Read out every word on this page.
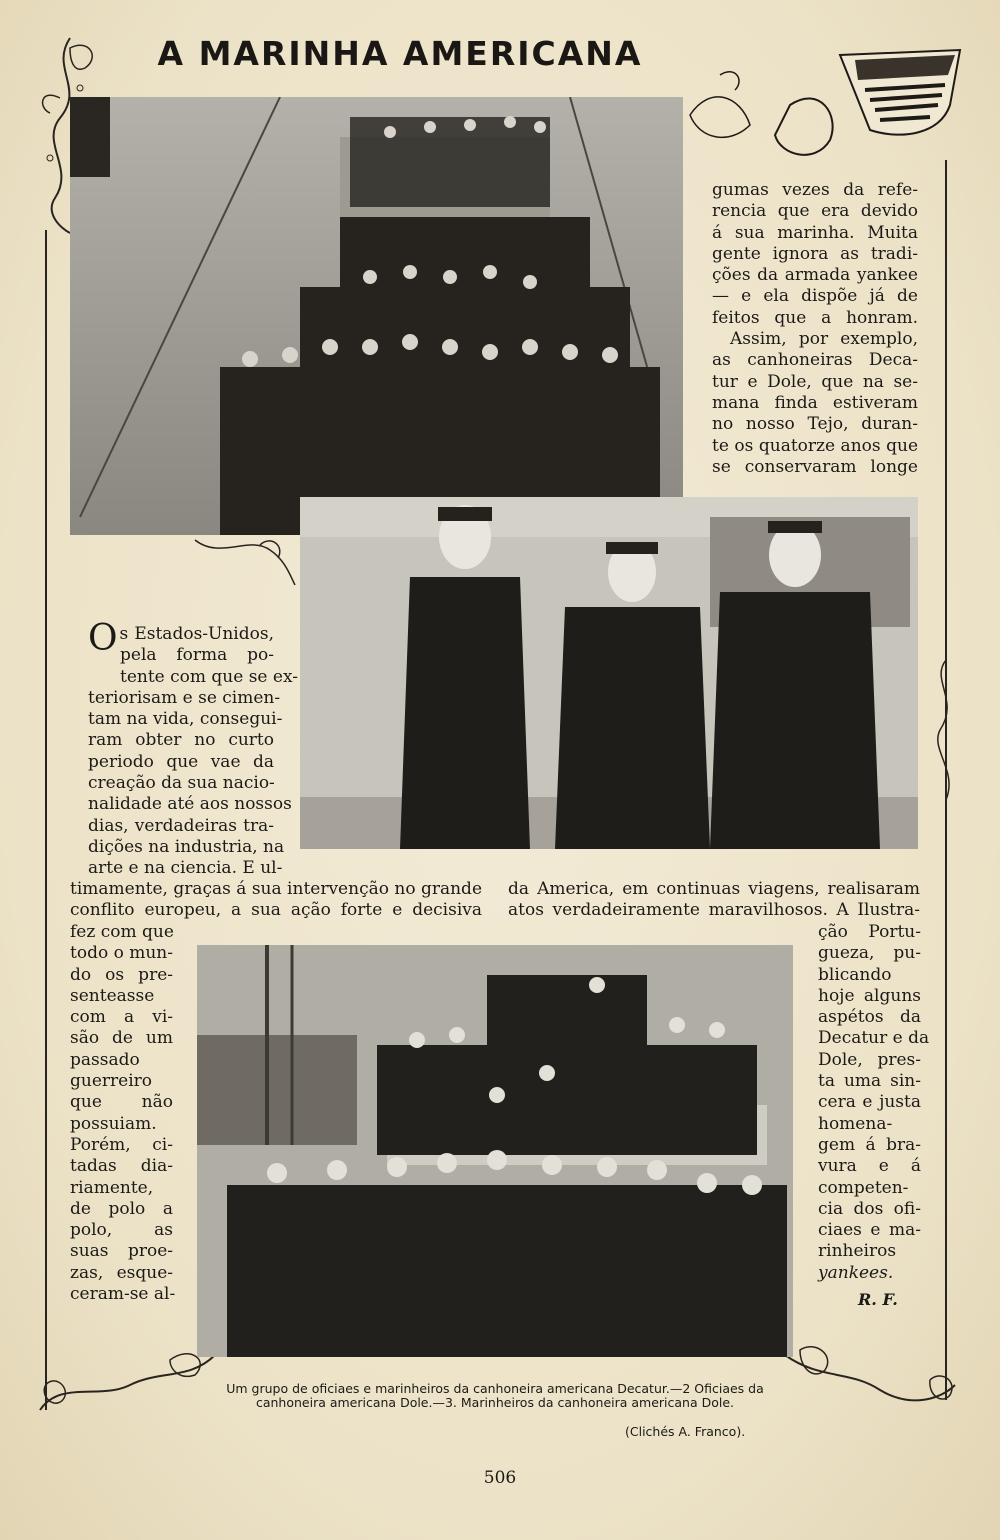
A MARINHA AMERICANA
gumas vezes da refe-
rencia que era devido
á sua marinha. Muita
gente ignora as tradi-
ções da armada yankee
— e ela dispõe já de
feitos que a honram.
Assim, por exemplo,
as canhoneiras Deca-
tur e Dole, que na se-
mana finda estiveram
no nosso Tejo, duran-
te os quatorze anos que
se conservaram longe
O s Estados-Unidos,
pela forma po-
tente com que se ex-
teriorisam e se cimen-
tam na vida, consegui-
ram obter no curto
periodo que vae da
creação da sua nacio-
nalidade até aos nossos
dias, verdadeiras tra-
dições na industria, na
arte e na ciencia. E ul-
timamente, graças á sua intervenção no grande
conflito europeu, a sua ação forte e decisiva
da America, em continuas viagens, realisaram
atos verdadeiramente maravilhosos. A Ilustra-
fez com que
todo o mun-
do os pre-
senteasse
com a vi-
são de um
passado
guerreiro
que não
possuiam.
Porém, ci-
tadas dia-
riamente,
de polo a
polo, as
suas proe-
zas, esque-
ceram-se al-
ção Portu-
gueza, pu-
blicando
hoje alguns
aspétos da
Decatur e da
Dole, pres-
ta uma sin-
cera e justa
homena-
gem á bra-
vura e á
competen-
cia dos ofi-
ciaes e ma-
rinheiros
yankees.
R. F.
Um grupo de oficiaes e marinheiros da canhoneira americana Decatur.—2 Oficiaes da canhoneira americana Dole.—3. Marinheiros da canhoneira americana Dole.
(Clichés A. Franco).
506
